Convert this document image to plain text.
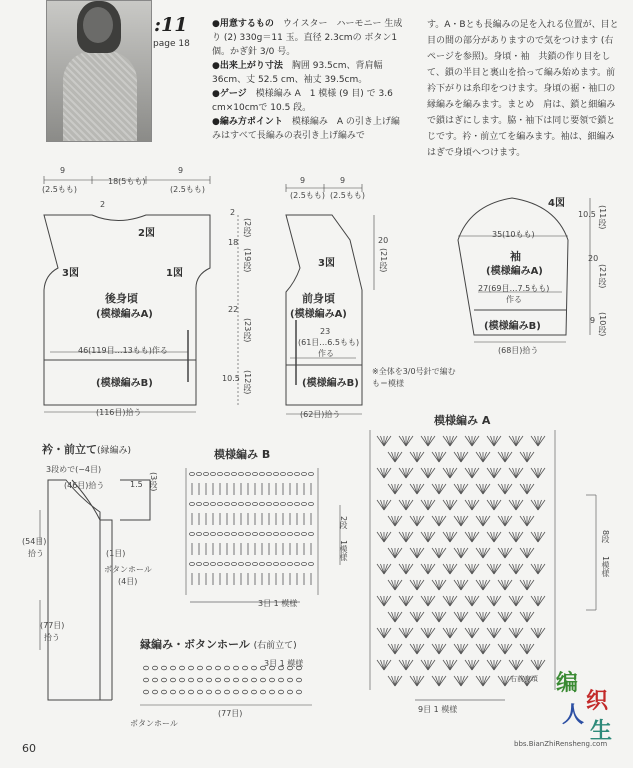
:11
page 18

●用意するもの　 ウイスター　ハーモニー 生成り (2) 330g＝11 玉。直径 2.3cmの ボタン1 個。かぎ針 3/0 号。

●出来上がり寸法　 胸囲 93.5cm、背肩幅 36cm、丈 52.5 cm、袖丈 39.5cm。

●ゲージ　 模様編み A　1 模様 (9 目) で 3.6 cm×10cmで 10.5 段。

●編み方ポイント　 模様編み　A の引き上げ編みはすべて長編みの表引き上げ編みで

す。A・Bとも長編みの足を入れる位置が、目と目の間の部分がありますので気をつけます (右ページを参照)。身頃・袖　共鎖の作り目をして、鎖の半目と裏山を拾って編み始めます。前衿下がりは糸印をつけます。身頃の裾・袖口の縁編みを編みます。まとめ　肩は、鎖と細編みで鎖はぎにします。脇・袖下は同じ要領で鎖とじです。衿・前立てを編みます。袖は、細編みはぎで身頃へつけます。
9
(2.5もも)
18(5もも)
9
(2.5もも)
2
2図
3図	1図
後身頃
(模様編みA)
46(119目…13もも)作る
(模様編みB)
(116目)拾う
2
(2段)
18
(19段)
22
(23段)
10.5 (12段)
9
(2.5もも)
9
(2.5もも)
20
(21段)
3図
前身頃
(模様編みA)
23
(61目…6.5もも)
作る
(模様編みB)
(62目)拾う
※全体を3/0号針で編む
も＝模様
4図
35(10もも)
袖
(模様編みA)
27(69目…7.5もも)
作る
(模様編みB)
(68目)拾う
10.5 (11段)
20
(21段)
9 (10段)
衿・前立て(縁編み)
3段めで(−4目)
(46目)拾う	1.5 (3段)
(54目)
拾う	(1目)
ボタンホール
(4目)
(77目)
拾う
模様編み B
2段
1模様
3目 1 模様
模様編み A
8段
1模様
9目 1 模様
右前身頃
縁編み・ボタンホール (右前立て)
3目 1 模様
ボタンホール
(77目)
60
编
织
人
生
bbs.BianZhiRensheng.com
